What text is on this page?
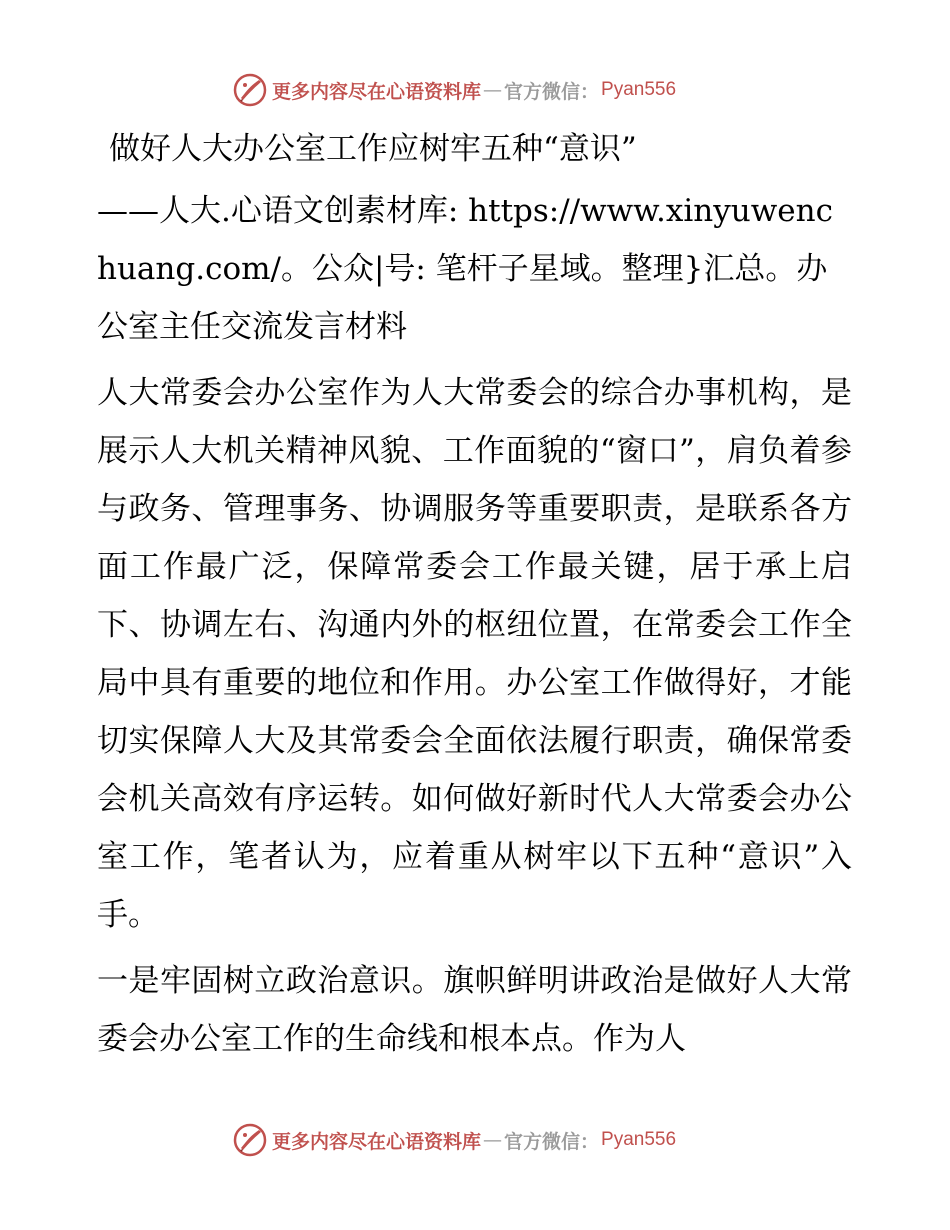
更多内容尽在心语资料库 — 官方微信： Pyan556

做好人大办公室工作应树牢五种“意识”

——人大.心语文创素材库: https://www.xinyuwenchuang.com/。公众|号: 笔杆子星域。整理}汇总。办公室主任交流发言材料

人大常委会办公室作为人大常委会的综合办事机构，是展示人大机关精神风貌、工作面貌的“窗口”，肩负着参与政务、管理事务、协调服务等重要职责，是联系各方面工作最广泛，保障常委会工作最关键，居于承上启下、协调左右、沟通内外的枢纽位置，在常委会工作全局中具有重要的地位和作用。办公室工作做得好，才能切实保障人大及其常委会全面依法履行职责，确保常委会机关高效有序运转。如何做好新时代人大常委会办公室工作，笔者认为，应着重从树牢以下五种“意识”入手。

一是牢固树立政治意识。旗帜鲜明讲政治是做好人大常委会办公室工作的生命线和根本点。作为人

更多内容尽在心语资料库 — 官方微信： Pyan556
